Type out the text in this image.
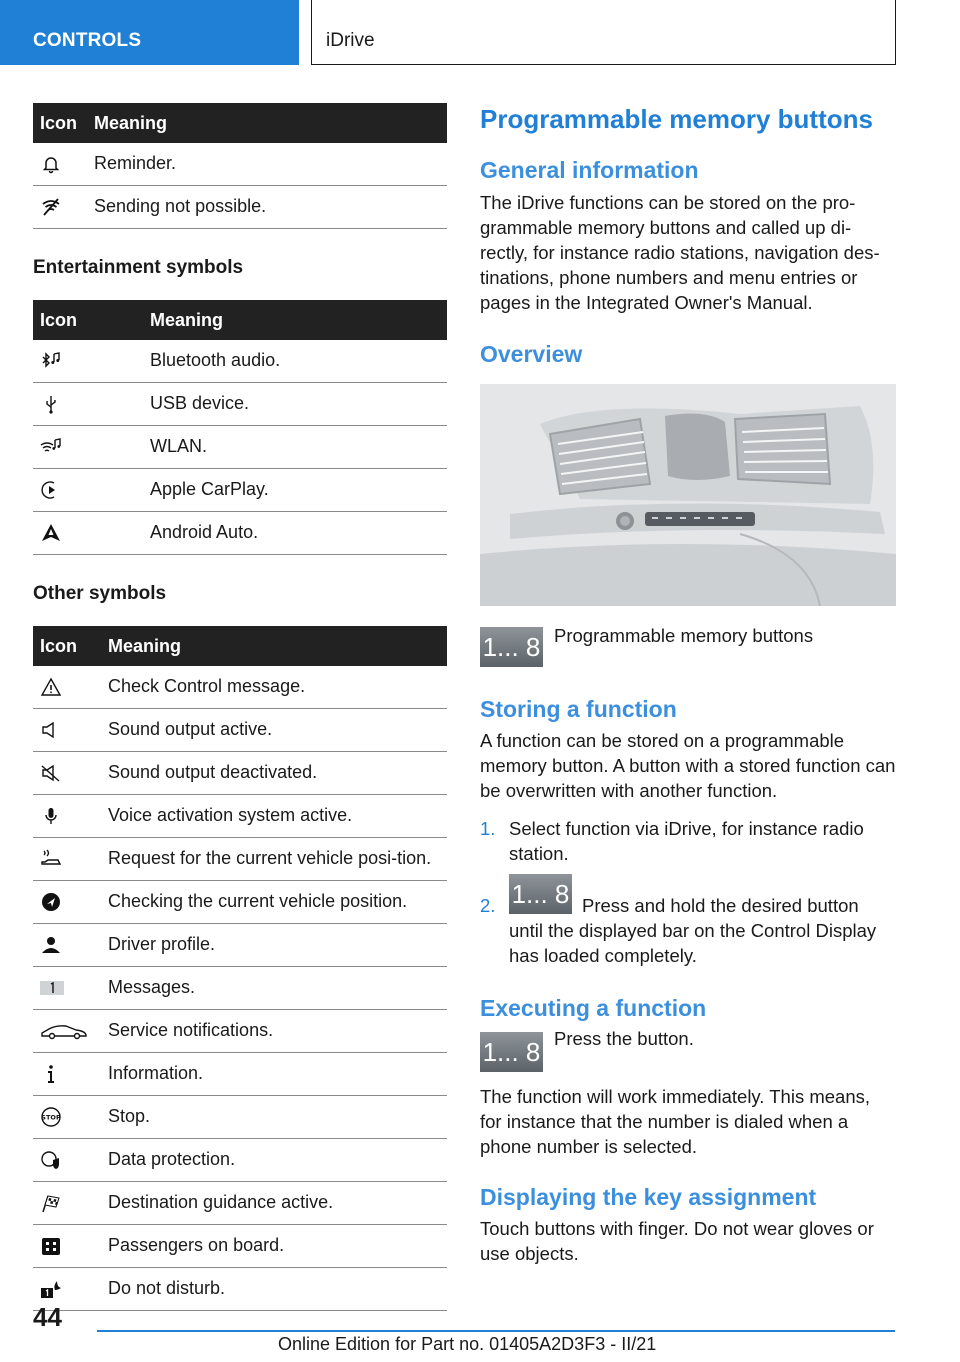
CONTROLS	iDrive
Icon	Meaning

	Reminder.

	Sending not possible.
Entertainment symbols
Icon	Meaning

	Bluetooth audio.

	USB device.

	WLAN.

	Apple CarPlay.

	Android Auto.
Other symbols
Icon	Meaning

	Check Control message.

	Sound output active.

	Sound output deactivated.

	Voice activation system active.

	Request for the current vehicle posi-tion.

	Checking the current vehicle position.

	Driver profile.

	Messages.

	Service notifications.

	Information.

STOP	Stop.

	Data protection.

	Destination guidance active.

	Passengers on board.

	Do not disturb.
Programmable memory buttons
General information
The iDrive functions can be stored on the pro-grammable memory buttons and called up di-rectly, for instance radio stations, navigation des-tinations, phone numbers and menu entries or pages in the Integrated Owner's Manual.
Overview
1... 8 Programmable memory buttons
Storing a function
A function can be stored on a programmable memory button. A button with a stored function can be overwritten with another function.
1. Select function via iDrive, for instance radio station.
2. 1... 8 Press and hold the desired button until the displayed bar on the Control Display has loaded completely.
Executing a function
1... 8 Press the button.
The function will work immediately. This means, for instance that the number is dialed when a phone number is selected.
Displaying the key assignment
Touch buttons with finger. Do not wear gloves or use objects.
44
Online Edition for Part no. 01405A2D3F3 - II/21
